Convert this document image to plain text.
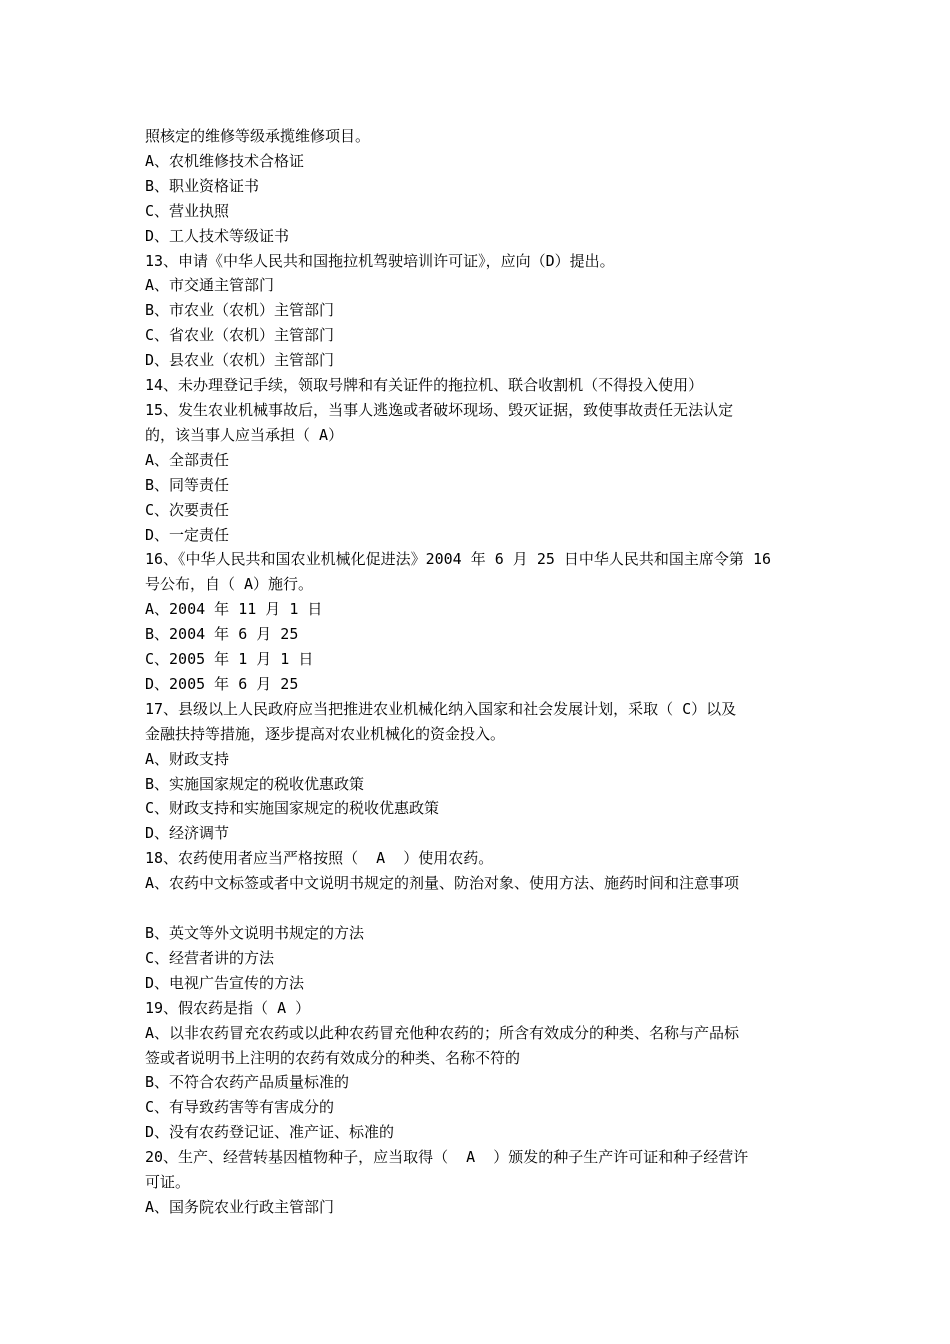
照核定的维修等级承揽维修项目。
A、农机维修技术合格证
B、职业资格证书
C、营业执照
D、工人技术等级证书
13、申请《中华人民共和国拖拉机驾驶培训许可证》，应向（D）提出。
A、市交通主管部门
B、市农业（农机）主管部门
C、省农业（农机）主管部门
D、县农业（农机）主管部门
14、未办理登记手续，领取号牌和有关证件的拖拉机、联合收割机（不得投入使用）
15、发生农业机械事故后，当事人逃逸或者破坏现场、毁灭证据，致使事故责任无法认定
的，该当事人应当承担（ A）
A、全部责任
B、同等责任
C、次要责任
D、一定责任
16、《中华人民共和国农业机械化促进法》2004 年 6 月 25 日中华人民共和国主席令第 16
号公布，自（ A）施行。
A、2004 年 11 月 1 日
B、2004 年 6 月 25
C、2005 年 1 月 1 日
D、2005 年 6 月 25
17、县级以上人民政府应当把推进农业机械化纳入国家和社会发展计划，采取（ C）以及
金融扶持等措施，逐步提高对农业机械化的资金投入。
A、财政支持
B、实施国家规定的税收优惠政策
C、财政支持和实施国家规定的税收优惠政策
D、经济调节
18、农药使用者应当严格按照（  A  ）使用农药。
A、农药中文标签或者中文说明书规定的剂量、防治对象、使用方法、施药时间和注意事项
B、英文等外文说明书规定的方法
C、经营者讲的方法
D、电视广告宣传的方法
19、假农药是指（ A ）
A、以非农药冒充农药或以此种农药冒充他种农药的；所含有效成分的种类、名称与产品标
签或者说明书上注明的农药有效成分的种类、名称不符的
B、不符合农药产品质量标准的
C、有导致药害等有害成分的
D、没有农药登记证、准产证、标准的
20、生产、经营转基因植物种子，应当取得（  A  ）颁发的种子生产许可证和种子经营许
可证。
A、国务院农业行政主管部门
